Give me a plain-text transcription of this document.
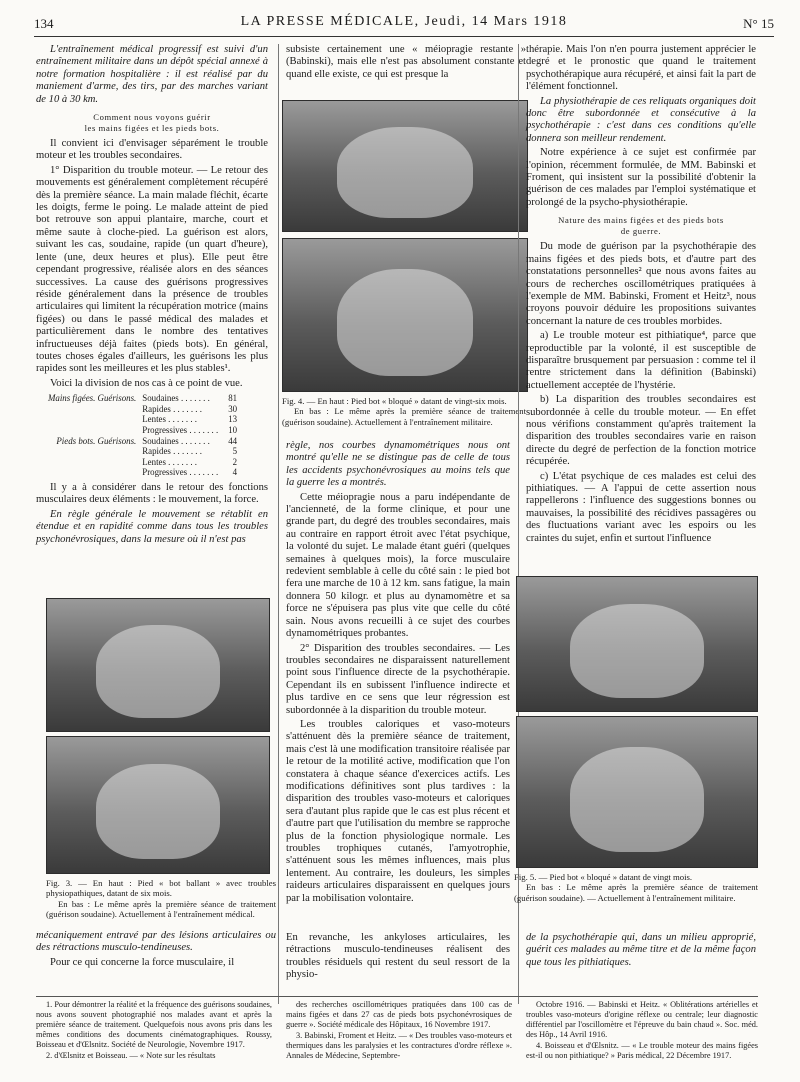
134	LA PRESSE MÉDICALE, Jeudi, 14 Mars 1918	N° 15

L'entraînement médical progressif est suivi d'un entraînement militaire dans un dépôt spécial annexé à notre formation hospitalière : il est réalisé par du maniement d'arme, des tirs, par des marches variant de 10 à 30 km.

Comment nous voyons guérir
les mains figées et les pieds bots.

Il convient ici d'envisager séparément le trouble moteur et les troubles secondaires.

1° Disparition du trouble moteur. — Le retour des mouvements est généralement complètement récupéré dès la première séance. La main malade fléchit, écarte les doigts, ferme le poing. Le malade atteint de pied bot retrouve son appui plantaire, marche, court et même saute à cloche-pied. La guérison est alors, suivant les cas, soudaine, rapide (un quart d'heure), lente (une, deux heures et plus). Elle peut être cependant progressive, réalisée alors en des séances successives. La cause des guérisons progressives réside généralement dans la présence de troubles articulaires qui limitent la récupération motrice (mains figées) ou dans le passé médical des malades et particulièrement dans le nombre des tentatives infructueuses déjà faites (pieds bots). En général, toutes choses égales d'ailleurs, les guérisons les plus rapides sont les meilleures et les plus stables¹.

Voici la division de nos cas à ce point de vue.

Mains figées. Guérisons.	Soudaines . . . . . . .	81
	Rapides . . . . . . .	30
	Lentes . . . . . . .	13
	Progressives . . . . . . .	10
Pieds bots. Guérisons.	Soudaines . . . . . . .	44
	Rapides . . . . . . .	5
	Lentes . . . . . . .	2
	Progressives . . . . . . .	4

Il y a à considérer dans le retour des fonctions musculaires deux éléments : le mouvement, la force.

En règle générale le mouvement se rétablit en étendue et en rapidité comme dans tous les troubles psychonévrosiques, dans la mesure où il n'est pas

Fig. 3. — En haut : Pied « bot ballant » avec troubles physiopathiques, datant de six mois.
En bas : Le même après la première séance de traitement (guérison soudaine). Actuellement à l'entraînement médical.

mécaniquement entravé par des lésions articulaires ou des rétractions musculo-tendineuses.

Pour ce qui concerne la force musculaire, il

subsiste certainement une « méiopragie restante » (Babinski), mais elle n'est pas absolument constante et quand elle existe, ce qui est presque la

Fig. 4. — En haut : Pied bot « bloqué » datant de vingt-six mois.
En bas : Le même après la première séance de traitement (guérison soudaine). Actuellement à l'entraînement militaire.

règle, nos courbes dynamométriques nous ont montré qu'elle ne se distingue pas de celle de tous les accidents psychonévrosiques au moins tels que la guerre les a montrés.

Cette méiopragie nous a paru indépendante de l'ancienneté, de la forme clinique, et pour une grande part, du degré des troubles secondaires, mais au contraire en rapport étroit avec l'état psychique, la volonté du sujet. Le malade étant guéri (quelques semaines à quelques mois), la force musculaire redevient semblable à celle du côté sain : le pied bot fera une marche de 10 à 12 km. sans fatigue, la main donnera 50 kilogr. et plus au dynamomètre et sa force ne s'épuisera pas plus vite que celle du côté sain. Nous avons recueilli à ce sujet des courbes dynamométriques probantes.

2° Disparition des troubles secondaires. — Les troubles secondaires ne disparaissent naturellement point sous l'influence directe de la psychothérapie. Cependant ils en subissent l'influence indirecte et plus tardive en ce sens que leur régression est subordonnée à la disparition du trouble moteur.

Les troubles caloriques et vaso-moteurs s'atténuent dès la première séance de traitement, mais c'est là une modification transitoire réalisée par le retour de la motilité active, modification que l'on constatera à chaque séance d'exercices actifs. Les modifications définitives sont plus tardives : la disparition des troubles vaso-moteurs et caloriques sera d'autant plus rapide que le cas est plus récent et d'autre part que l'utilisation du membre se rapproche plus de la fonction physiologique normale. Les troubles trophiques cutanés, l'amyotrophie, s'atténuent sous les mêmes influences, mais plus lentement. Au contraire, les douleurs, les simples raideurs articulaires disparaissent en quelques jours par la mobilisation volontaire.

En revanche, les ankyloses articulaires, les rétractions musculo-tendineuses réalisent des troubles résiduels qui restent du seul ressort de la physio-

thérapie. Mais l'on n'en pourra justement apprécier le degré et le pronostic que quand le traitement psychothérapique aura récupéré, et ainsi fait la part de l'élément fonctionnel.

La physiothérapie de ces reliquats organiques doit donc être subordonnée et consécutive à la psychothérapie : c'est dans ces conditions qu'elle donnera son meilleur rendement.

Notre expérience à ce sujet est confirmée par l'opinion, récemment formulée, de MM. Babinski et Froment, qui insistent sur la possibilité d'obtenir la guérison de ces malades par l'emploi systématique et prolongé de la psycho-physiothérapie.

Nature des mains figées et des pieds bots
de guerre.

Du mode de guérison par la psychothérapie des mains figées et des pieds bots, et d'autre part des constatations personnelles² que nous avons faites au cours de recherches oscillométriques pratiquées à l'exemple de MM. Babinski, Froment et Heitz³, nous croyons pouvoir déduire les propositions suivantes concernant la nature de ces troubles morbides.

a) Le trouble moteur est pithiatique⁴, parce que reproductible par la volonté, il est susceptible de disparaître brusquement par persuasion : comme tel il rentre strictement dans la définition (Babinski) actuellement acceptée de l'hystérie.

b) La disparition des troubles secondaires est subordonnée à celle du trouble moteur. — En effet nous vérifions constamment qu'après traitement la disparition des troubles secondaires varie en raison directe du degré de perfection de la fonction motrice récupérée.

c) L'état psychique de ces malades est celui des pithiatiques. — A l'appui de cette assertion nous rappellerons : l'influence des suggestions bonnes ou mauvaises, la possibilité des récidives passagères ou des fluctuations variant avec les espoirs ou les craintes du sujet, enfin et surtout l'influence

Fig. 5. — Pied bot « bloqué » datant de vingt mois.
En bas : Le même après la première séance de traitement (guérison soudaine). — Actuellement à l'entraînement militaire.

de la psychothérapie qui, dans un milieu approprié, guérit ces malades au même titre et de la même façon que tous les pithiatiques.

1. Pour démontrer la réalité et la fréquence des guérisons soudaines, nous avons souvent photographié nos malades avant et après la première séance de traitement. Quelquefois nous avons pris dans les mêmes conditions des documents cinématographiques. Roussy, Boisseau et d'Œlsnitz. Société de Neurologie, Novembre 1917.

2. d'Œlsnitz et Boisseau. — « Note sur les résultats

des recherches oscillométriques pratiquées dans 100 cas de mains figées et dans 27 cas de pieds bots psychonévrosiques de guerre ». Société médicale des Hôpitaux, 16 Novembre 1917.

3. Babinski, Froment et Heitz. — « Des troubles vaso-moteurs et thermiques dans les paralysies et les contractures d'ordre réflexe ». Annales de Médecine, Septembre-

Octobre 1916. — Babinski et Heitz. « Oblitérations artérielles et troubles vaso-moteurs d'origine réflexe ou centrale; leur diagnostic différentiel par l'oscillomètre et l'épreuve du bain chaud ». Soc. méd. des Hôp., 14 Avril 1916.

4. Boisseau et d'Œlsnitz. — « Le trouble moteur des mains figées est-il ou non pithiatique? » Paris médical, 22 Décembre 1917.
